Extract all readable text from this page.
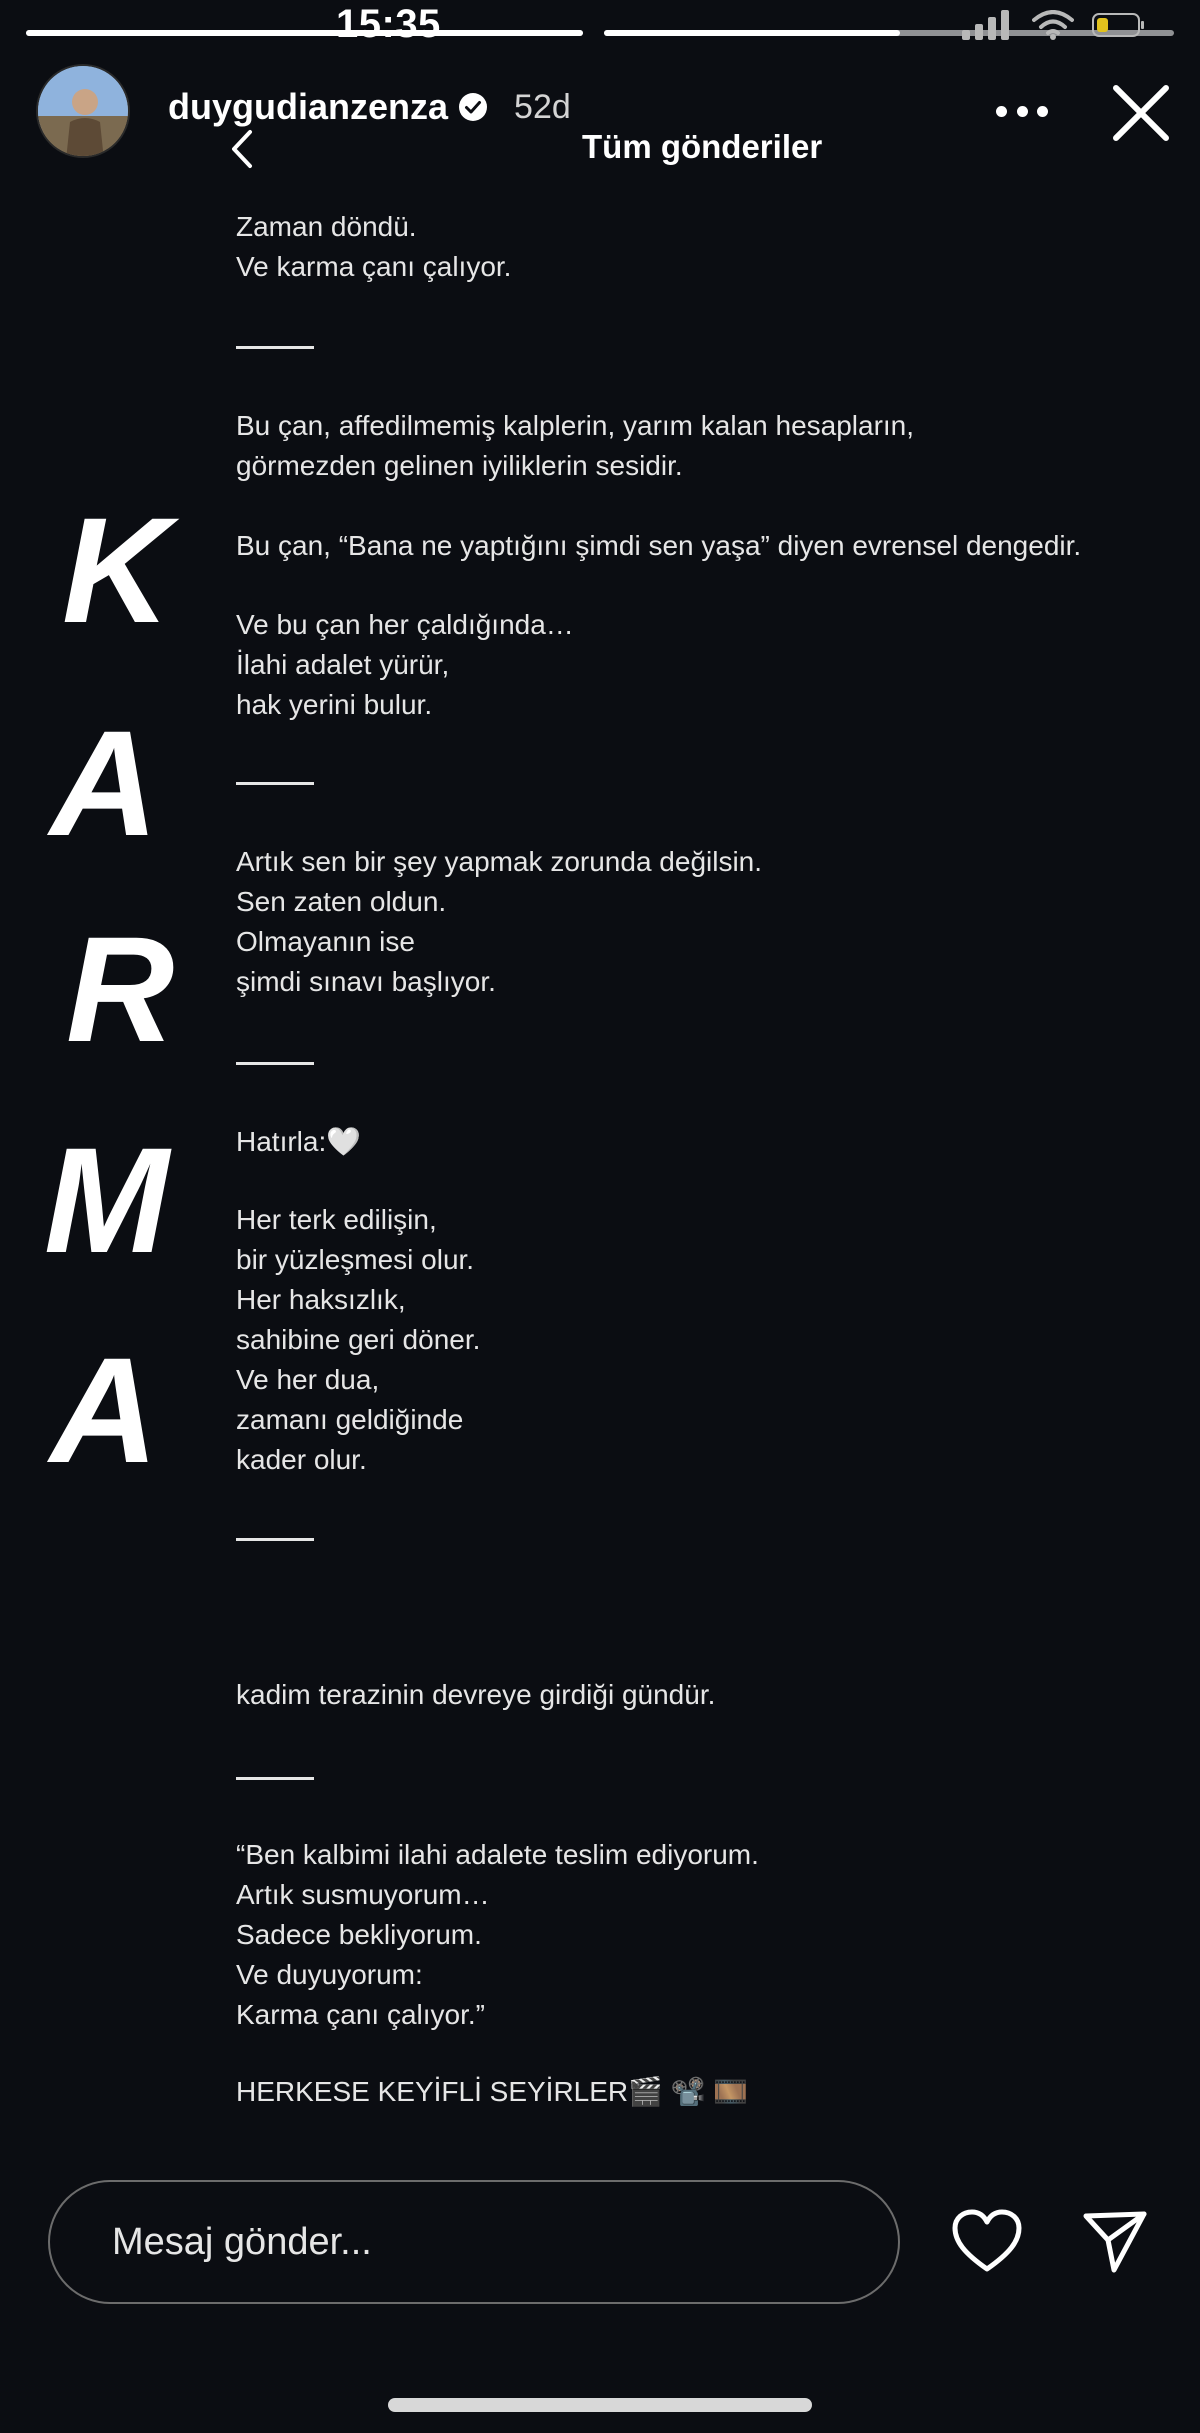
15:35
duygudianzenza 52d
Tüm gönderiler
K
A
R
M
A
Zaman döndü.
Ve karma çanı çalıyor.
Bu çan, affedilmemiş kalplerin, yarım kalan hesapların,
görmezden gelinen iyiliklerin sesidir.
Bu çan, “Bana ne yaptığını şimdi sen yaşa” diyen evrensel dengedir.
Ve bu çan her çaldığında…
İlahi adalet yürür,
hak yerini bulur.
Artık sen bir şey yapmak zorunda değilsin.
Sen zaten oldun.
Olmayanın ise
şimdi sınavı başlıyor.
Hatırla:🤍
Her terk edilişin,
bir yüzleşmesi olur.
Her haksızlık,
sahibine geri döner.
Ve her dua,
zamanı geldiğinde
kader olur.
kadim terazinin devreye girdiği gündür.
“Ben kalbimi ilahi adalete teslim ediyorum.
Artık susmuyorum…
Sadece bekliyorum.
Ve duyuyorum:
Karma çanı çalıyor.”
HERKESE KEYİFLİ SEYİRLER🎬 📽️ 🎞️
Mesaj gönder...
